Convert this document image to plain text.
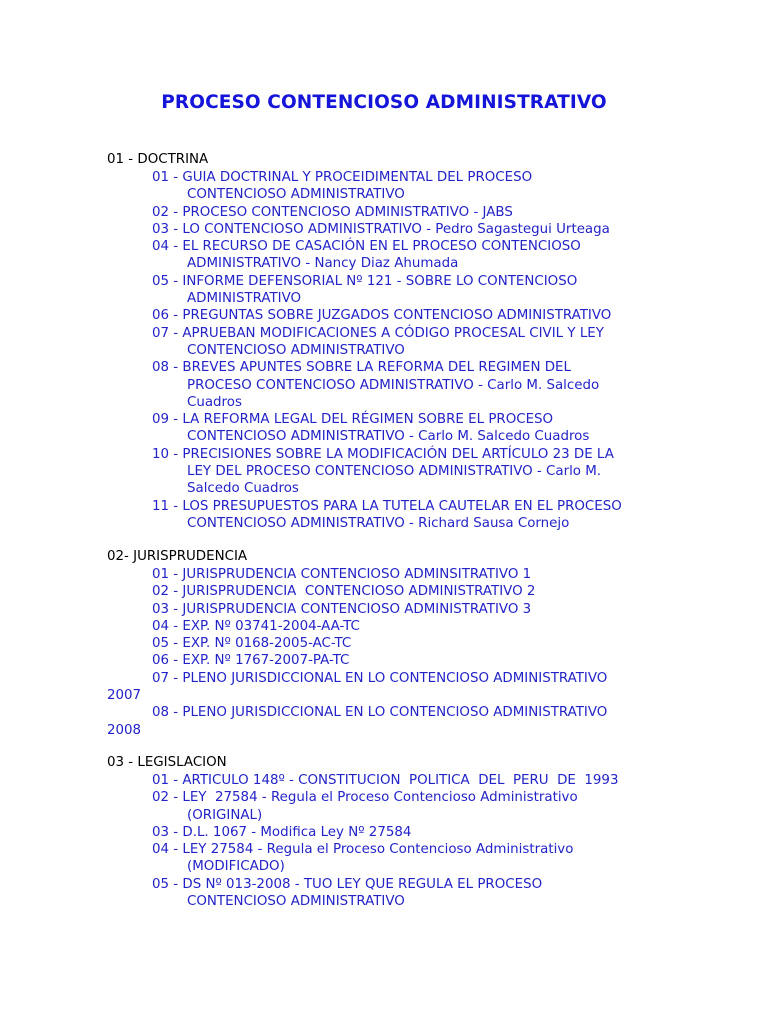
PROCESO CONTENCIOSO ADMINISTRATIVO
01 - DOCTRINA
01 - GUIA DOCTRINAL Y PROCEIDIMENTAL DEL PROCESO
CONTENCIOSO ADMINISTRATIVO
02 - PROCESO CONTENCIOSO ADMINISTRATIVO - JABS
03 - LO CONTENCIOSO ADMINISTRATIVO - Pedro Sagastegui Urteaga
04 - EL RECURSO DE CASACIÓN EN EL PROCESO CONTENCIOSO
ADMINISTRATIVO - Nancy Diaz Ahumada
05 - INFORME DEFENSORIAL Nº 121 - SOBRE LO CONTENCIOSO
ADMINISTRATIVO
06 - PREGUNTAS SOBRE JUZGADOS CONTENCIOSO ADMINISTRATIVO
07 - APRUEBAN MODIFICACIONES A CÓDIGO PROCESAL CIVIL Y LEY
CONTENCIOSO ADMINISTRATIVO
08 - BREVES APUNTES SOBRE LA REFORMA DEL REGIMEN DEL
PROCESO CONTENCIOSO ADMINISTRATIVO - Carlo M. Salcedo
Cuadros
09 - LA REFORMA LEGAL DEL RÉGIMEN SOBRE EL PROCESO
CONTENCIOSO ADMINISTRATIVO - Carlo M. Salcedo Cuadros
10 - PRECISIONES SOBRE LA MODIFICACIÓN DEL ARTÍCULO 23 DE LA
LEY DEL PROCESO CONTENCIOSO ADMINISTRATIVO - Carlo M.
Salcedo Cuadros
11 - LOS PRESUPUESTOS PARA LA TUTELA CAUTELAR EN EL PROCESO
CONTENCIOSO ADMINISTRATIVO - Richard Sausa Cornejo
02- JURISPRUDENCIA
01 - JURISPRUDENCIA CONTENCIOSO ADMINSITRATIVO 1
02 - JURISPRUDENCIA  CONTENCIOSO ADMINISTRATIVO 2
03 - JURISPRUDENCIA CONTENCIOSO ADMINISTRATIVO 3
04 - EXP. Nº 03741-2004-AA-TC
05 - EXP. Nº 0168-2005-AC-TC
06 - EXP. Nº 1767-2007-PA-TC
07 - PLENO JURISDICCIONAL EN LO CONTENCIOSO ADMINISTRATIVO
2007
08 - PLENO JURISDICCIONAL EN LO CONTENCIOSO ADMINISTRATIVO
2008
03 - LEGISLACION
01 - ARTICULO 148º - CONSTITUCION  POLITICA  DEL  PERU  DE  1993
02 - LEY  27584 - Regula el Proceso Contencioso Administrativo
(ORIGINAL)
03 - D.L. 1067 - Modifica Ley Nº 27584
04 - LEY 27584 - Regula el Proceso Contencioso Administrativo
(MODIFICADO)
05 - DS Nº 013-2008 - TUO LEY QUE REGULA EL PROCESO
CONTENCIOSO ADMINISTRATIVO
